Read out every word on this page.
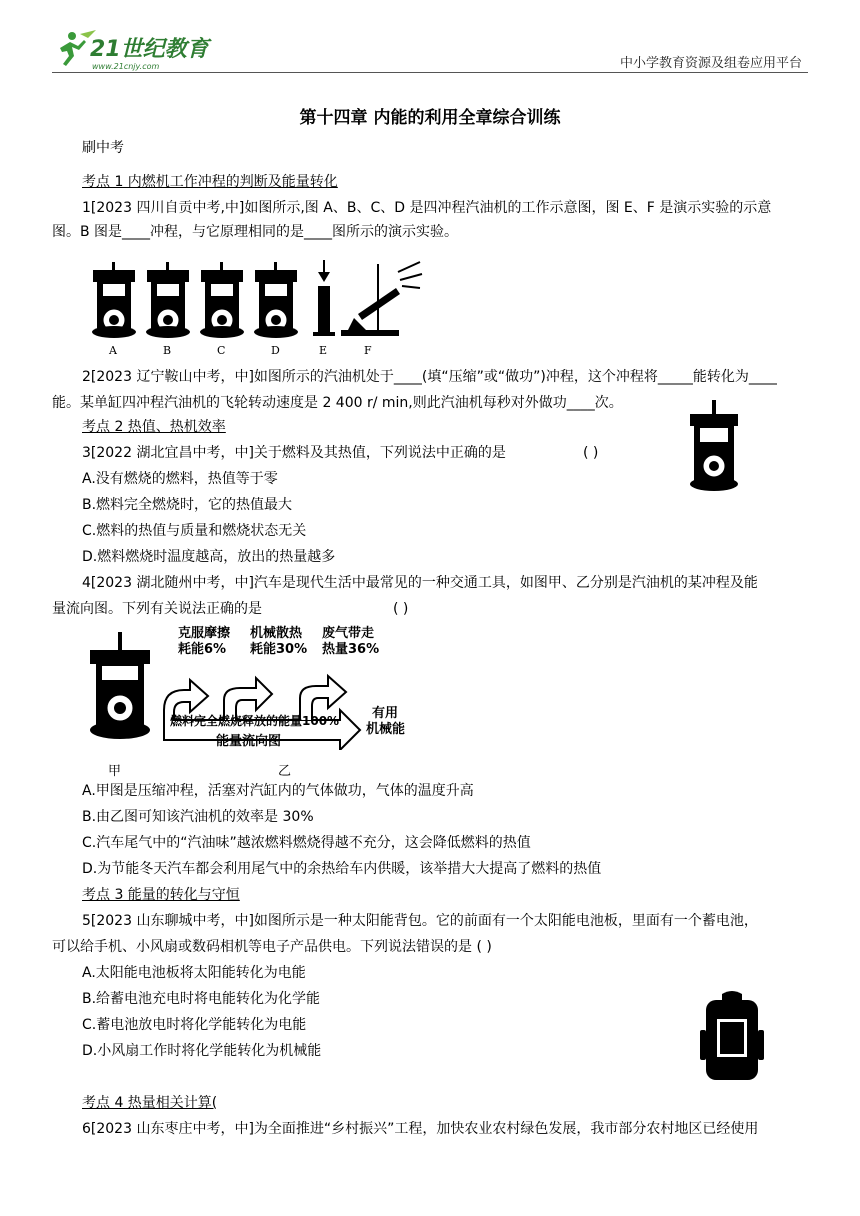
21世纪教育
www.21cnjy.com	中小学教育资源及组卷应用平台
第十四章 内能的利用全章综合训练
刷中考
考点 1 内燃机工作冲程的判断及能量转化
1[2023 四川自贡中考,中]如图所示,图 A、B、C、D 是四冲程汽油机的工作示意图，图 E、F 是演示实验的示意
图。B 图是____冲程，与它原理相同的是____图所示的演示实验。
A	B	C	D	E	F
2[2023 辽宁鞍山中考，中]如图所示的汽油机处于____(填“压缩”或“做功”)冲程，这个冲程将_____能转化为____
能。某单缸四冲程汽油机的飞轮转动速度是 2 400 r/ min,则此汽油机每秒对外做功____次。
考点 2 热值、热机效率
3[2022 湖北宜昌中考，中]关于燃料及其热值，下列说法中正确的是	( )
A.没有燃烧的燃料，热值等于零
B.燃料完全燃烧时，它的热值最大
C.燃料的热值与质量和燃烧状态无关
D.燃料燃烧时温度越高，放出的热量越多
4[2023 湖北随州中考，中]汽车是现代生活中最常见的一种交通工具，如图甲、乙分别是汽油机的某冲程及能
量流向图。下列有关说法正确的是	( )
克服摩擦
耗能6%
机械散热
耗能30%
废气带走
热量36%
燃料完全燃烧释放的能量100%	有用
机械能
能量流向图
甲	乙
A.甲图是压缩冲程，活塞对汽缸内的气体做功，气体的温度升高
B.由乙图可知该汽油机的效率是 30%
C.汽车尾气中的“汽油味”越浓燃料燃烧得越不充分，这会降低燃料的热值
D.为节能冬天汽车都会利用尾气中的余热给车内供暖，该举措大大提高了燃料的热值
考点 3 能量的转化与守恒
5[2023 山东聊城中考，中]如图所示是一种太阳能背包。它的前面有一个太阳能电池板，里面有一个蓄电池，
可以给手机、小风扇或数码相机等电子产品供电。下列说法错误的是 ( )
A.太阳能电池板将太阳能转化为电能
B.给蓄电池充电时将电能转化为化学能
C.蓄电池放电时将化学能转化为电能
D.小风扇工作时将化学能转化为机械能
考点 4 热量相关计算(
6[2023 山东枣庄中考，中]为全面推进“乡村振兴”工程，加快农业农村绿色发展，我市部分农村地区已经使用
